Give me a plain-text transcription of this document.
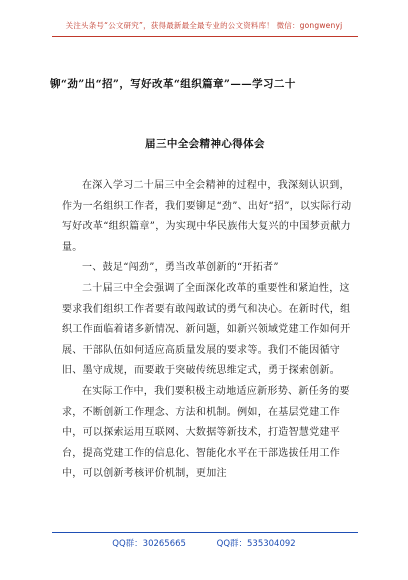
关注头条号“公文研究”，获得最新最全最专业的公文资料库！ 微信：gongwenyj
铆“劲”出“招”，写好改革“组织篇章”——学习二十
届三中全会精神心得体会

在深入学习二十届三中全会精神的过程中，我深刻认识到，作为一名组织工作者，我们要铆足“劲”、出好“招”，以实际行动写好改革“组织篇章”，为实现中华民族伟大复兴的中国梦贡献力量。

一、鼓足“闯劲”，勇当改革创新的“开拓者”

二十届三中全会强调了全面深化改革的重要性和紧迫性，这要求我们组织工作者要有敢闯敢试的勇气和决心。在新时代，组织工作面临着诸多新情况、新问题，如新兴领域党建工作如何开展、干部队伍如何适应高质量发展的要求等。我们不能因循守旧、墨守成规，而要敢于突破传统思维定式，勇于探索创新。

在实际工作中，我们要积极主动地适应新形势、新任务的要求，不断创新工作理念、方法和机制。例如，在基层党建工作中，可以探索运用互联网、大数据等新技术，打造智慧党建平台，提高党建工作的信息化、智能化水平在干部选拔任用工作中，可以创新考核评价机制，更加注

QQ群：30265665	QQ群：535304092
